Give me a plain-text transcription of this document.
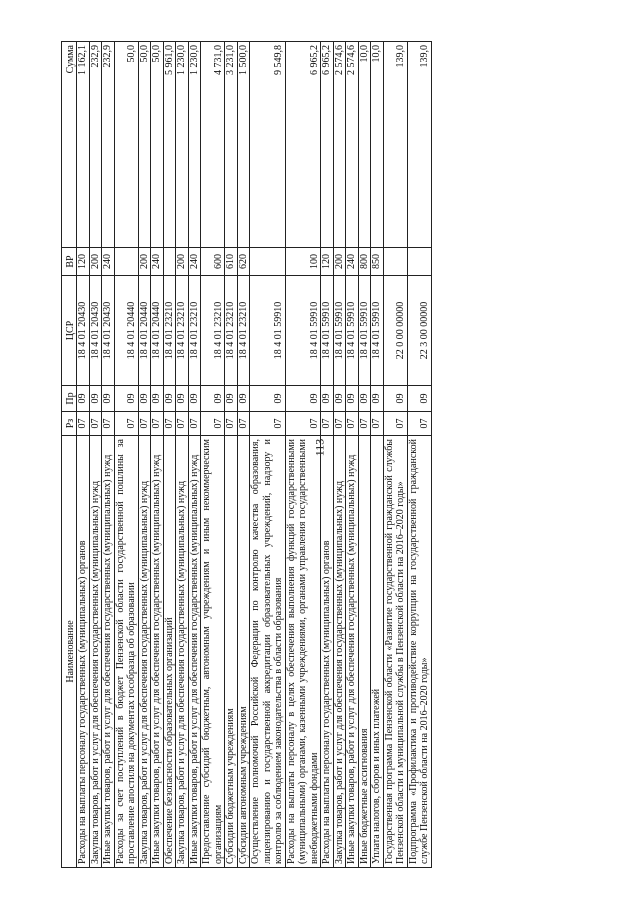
113
Наименование	Рз	Пр	ЦСР	ВР	Сумма
Расходы на выплаты персоналу государственных (муниципальных) органов	07	09	18 4 01 20430	120	1 162,1
Закупка товаров, работ и услуг для обеспечения государственных (муниципальных) нужд	07	09	18 4 01 20430	200	232,9
Иные закупки товаров, работ и услуг для обеспечения государственных (муниципальных) нужд	07	09	18 4 01 20430	240	232,9
Расходы за счет поступлений в бюджет Пензенской области государственной пошлины за проставление апостиля на документах гособразца об образовании	07	09	18 4 01 20440		50,0
Закупка товаров, работ и услуг для обеспечения государственных (муниципальных) нужд	07	09	18 4 01 20440	200	50,0
Иные закупки товаров, работ и услуг для обеспечения государственных (муниципальных) нужд	07	09	18 4 01 20440	240	50,0
Обеспечение безопасности образовательных организаций	07	09	18 4 01 23210		5 961,0
Закупка товаров, работ и услуг для обеспечения государственных (муниципальных) нужд	07	09	18 4 01 23210	200	1 230,0
Иные закупки товаров, работ и услуг для обеспечения государственных (муниципальных) нужд	07	09	18 4 01 23210	240	1 230,0
Предоставление субсидий бюджетным, автономным учреждениям и иным некоммерческим организациям	07	09	18 4 01 23210	600	4 731,0
Субсидии бюджетным учреждениям	07	09	18 4 01 23210	610	3 231,0
Субсидии автономным учреждениям	07	09	18 4 01 23210	620	1 500,0
Осуществление полномочий Российской Федерации по контролю качества образования, лицензированию и государственной аккредитации образовательных учреждений, надзору и контролю за соблюдением законодательства в области образования	07	09	18 4 01 59910		9 549,8
Расходы на выплаты персоналу в целях обеспечения выполнения функций государственными (муниципальными) органами, казенными учреждениями, органами управления государственными внебюджетными фондами	07	09	18 4 01 59910	100	6 965,2
Расходы на выплаты персоналу государственных (муниципальных) органов	07	09	18 4 01 59910	120	6 965,2
Закупка товаров, работ и услуг для обеспечения государственных (муниципальных) нужд	07	09	18 4 01 59910	200	2 574,6
Иные закупки товаров, работ и услуг для обеспечения государственных (муниципальных) нужд	07	09	18 4 01 59910	240	2 574,6
Иные бюджетные ассигнования	07	09	18 4 01 59910	800	10,0
Уплата налогов, сборов и иных платежей	07	09	18 4 01 59910	850	10,0
Государственная программа Пензенской области «Развитие государственной гражданской службы Пензенской области и муниципальной службы в Пензенской области на 2016–2020 годы»	07	09	22 0 00 00000		139,0
Подпрограмма «Профилактика и противодействие коррупции на государственной гражданской службе Пензенской области на 2016–2020 годы»	07	09	22 3 00 00000		139,0
